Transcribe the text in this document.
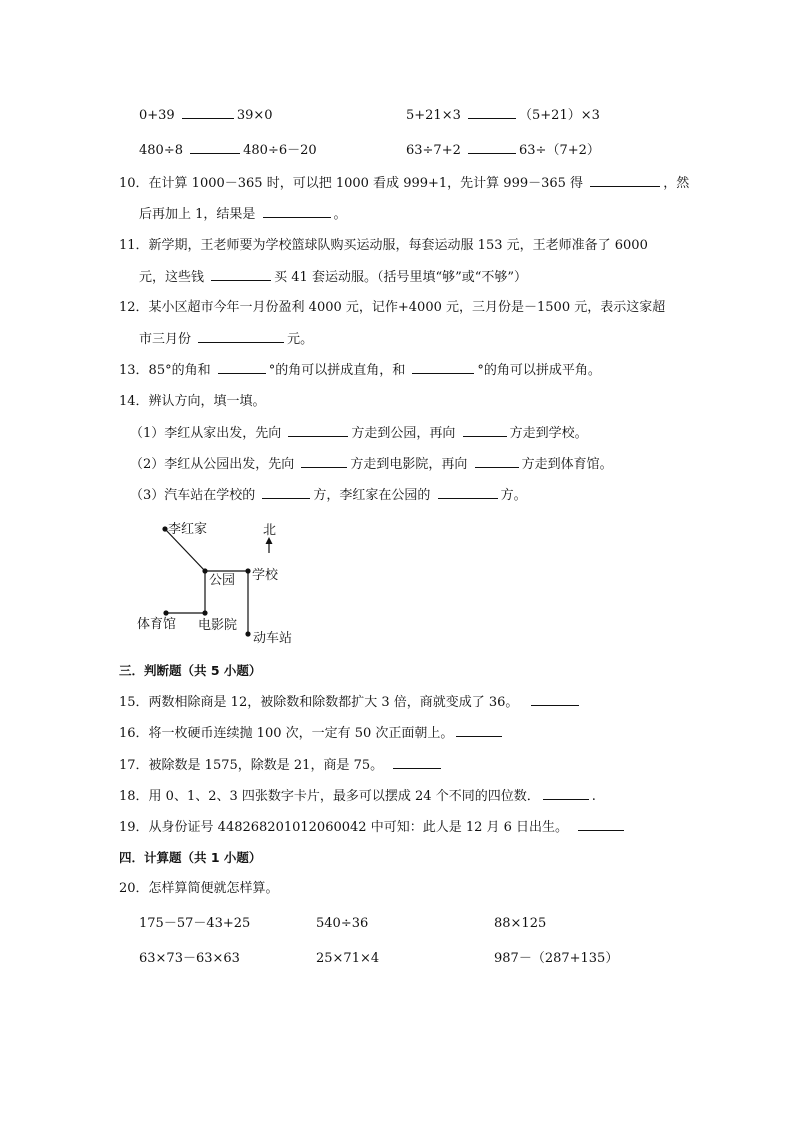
0+39	39×0	5+21×3	（5+21）×3
480÷8	480÷6－20	63÷7+2	63÷（7+2）
10．在计算 1000－365 时，可以把 1000 看成 999+1，先计算 999－365 得	，然
后再加上 1，结果是	。
11．新学期，王老师要为学校篮球队购买运动服，每套运动服 153 元，王老师准备了 6000
元，这些钱	买 41 套运动服。（括号里填“够”或“不够”）
12．某小区超市今年一月份盈利 4000 元，记作+4000 元，三月份是－1500 元，表示这家超
市三月份	元。
13．85°的角和	°的角可以拼成直角，和	°的角可以拼成平角。
14．辨认方向，填一填。
（1）李红从家出发，先向	方走到公园，再向	方走到学校。
（2）李红从公园出发，先向	方走到电影院，再向	方走到体育馆。
（3）汽车站在学校的	方，李红家在公园的	方。
李红家	北
公园 学校
体育馆 电影院
动车站
三．判断题（共 5 小题）
15．两数相除商是 12，被除数和除数都扩大 3 倍，商就变成了 36。
16．将一枚硬币连续抛 100 次，一定有 50 次正面朝上。
17．被除数是 1575，除数是 21，商是 75。
18．用 0、1、2、3 四张数字卡片，最多可以摆成 24 个不同的四位数．	.
19．从身份证号 448268201012060042 中可知：此人是 12 月 6 日出生。
四．计算题（共 1 小题）
20．怎样算简便就怎样算。
175－57－43+25	540÷36	88×125
63×73－63×63	25×71×4	987－（287+135）
